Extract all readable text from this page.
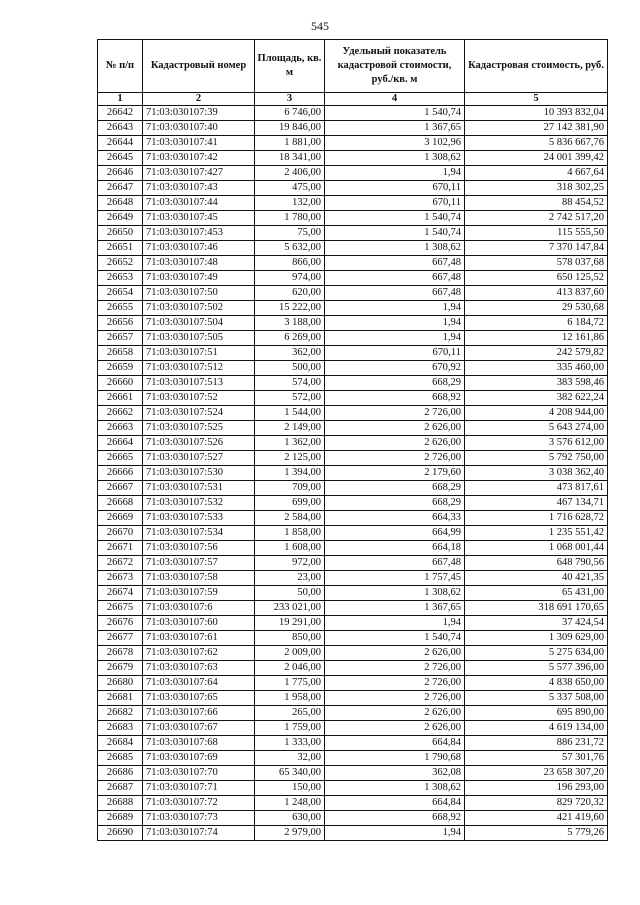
545
№ п/п	Кадастровый номер	Площадь, кв. м	Удельный показатель кадастровой стоимости, руб./кв. м	Кадастровая стоимость, руб.
1	2	3	4	5
26642	71:03:030107:39	6 746,00	1 540,74	10 393 832,04
26643	71:03:030107:40	19 846,00	1 367,65	27 142 381,90
26644	71:03:030107:41	1 881,00	3 102,96	5 836 667,76
26645	71:03:030107:42	18 341,00	1 308,62	24 001 399,42
26646	71:03:030107:427	2 406,00	1,94	4 667,64
26647	71:03:030107:43	475,00	670,11	318 302,25
26648	71:03:030107:44	132,00	670,11	88 454,52
26649	71:03:030107:45	1 780,00	1 540,74	2 742 517,20
26650	71:03:030107:453	75,00	1 540,74	115 555,50
26651	71:03:030107:46	5 632,00	1 308,62	7 370 147,84
26652	71:03:030107:48	866,00	667,48	578 037,68
26653	71:03:030107:49	974,00	667,48	650 125,52
26654	71:03:030107:50	620,00	667,48	413 837,60
26655	71:03:030107:502	15 222,00	1,94	29 530,68
26656	71:03:030107:504	3 188,00	1,94	6 184,72
26657	71:03:030107:505	6 269,00	1,94	12 161,86
26658	71:03:030107:51	362,00	670,11	242 579,82
26659	71:03:030107:512	500,00	670,92	335 460,00
26660	71:03:030107:513	574,00	668,29	383 598,46
26661	71:03:030107:52	572,00	668,92	382 622,24
26662	71:03:030107:524	1 544,00	2 726,00	4 208 944,00
26663	71:03:030107:525	2 149,00	2 626,00	5 643 274,00
26664	71:03:030107:526	1 362,00	2 626,00	3 576 612,00
26665	71:03:030107:527	2 125,00	2 726,00	5 792 750,00
26666	71:03:030107:530	1 394,00	2 179,60	3 038 362,40
26667	71:03:030107:531	709,00	668,29	473 817,61
26668	71:03:030107:532	699,00	668,29	467 134,71
26669	71:03:030107:533	2 584,00	664,33	1 716 628,72
26670	71:03:030107:534	1 858,00	664,99	1 235 551,42
26671	71:03:030107:56	1 608,00	664,18	1 068 001,44
26672	71:03:030107:57	972,00	667,48	648 790,56
26673	71:03:030107:58	23,00	1 757,45	40 421,35
26674	71:03:030107:59	50,00	1 308,62	65 431,00
26675	71:03:030107:6	233 021,00	1 367,65	318 691 170,65
26676	71:03:030107:60	19 291,00	1,94	37 424,54
26677	71:03:030107:61	850,00	1 540,74	1 309 629,00
26678	71:03:030107:62	2 009,00	2 626,00	5 275 634,00
26679	71:03:030107:63	2 046,00	2 726,00	5 577 396,00
26680	71:03:030107:64	1 775,00	2 726,00	4 838 650,00
26681	71:03:030107:65	1 958,00	2 726,00	5 337 508,00
26682	71:03:030107:66	265,00	2 626,00	695 890,00
26683	71:03:030107:67	1 759,00	2 626,00	4 619 134,00
26684	71:03:030107:68	1 333,00	664,84	886 231,72
26685	71:03:030107:69	32,00	1 790,68	57 301,76
26686	71:03:030107:70	65 340,00	362,08	23 658 307,20
26687	71:03:030107:71	150,00	1 308,62	196 293,00
26688	71:03:030107:72	1 248,00	664,84	829 720,32
26689	71:03:030107:73	630,00	668,92	421 419,60
26690	71:03:030107:74	2 979,00	1,94	5 779,26
